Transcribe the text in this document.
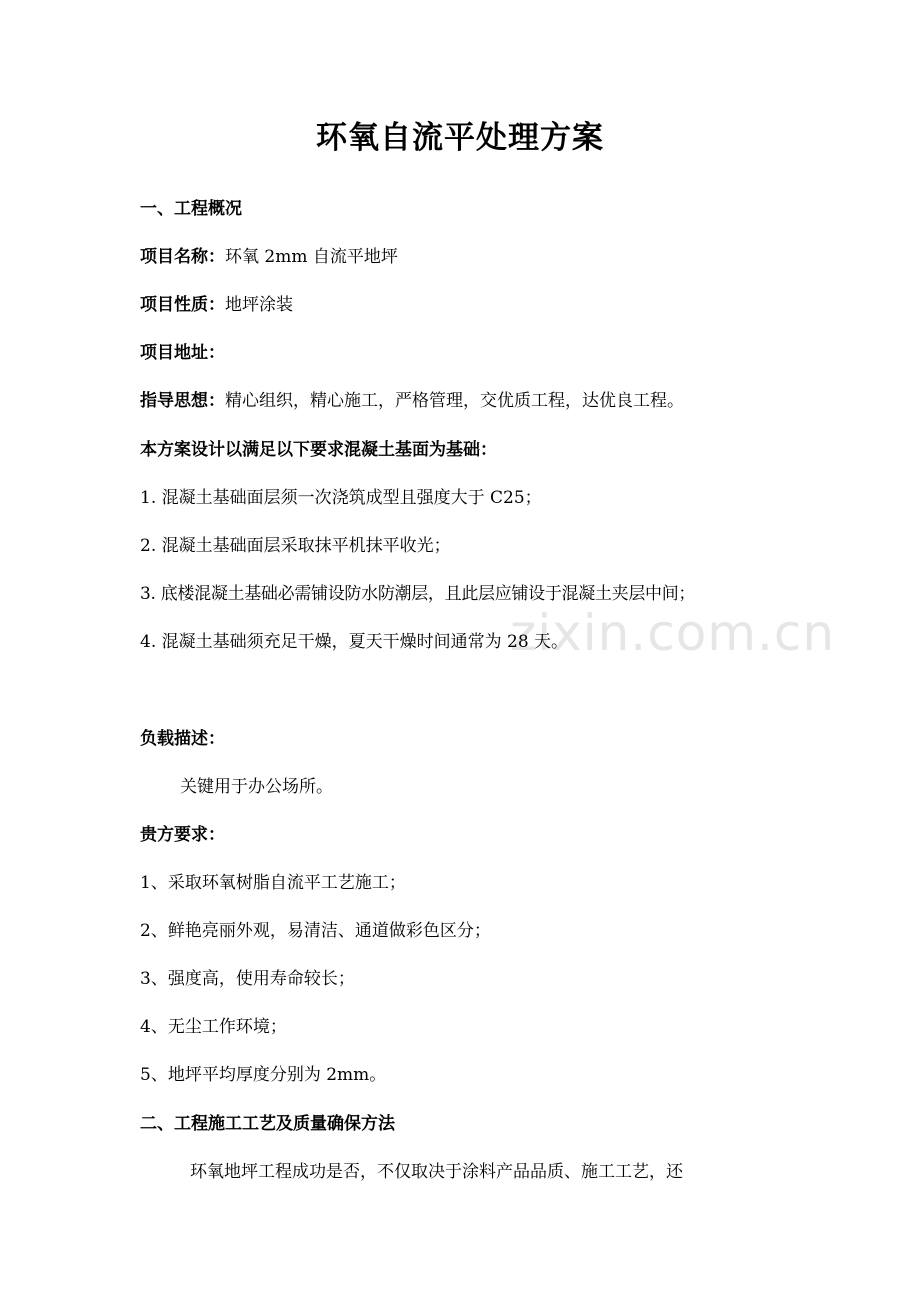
zixin.com.cn
环氧自流平处理方案
一、工程概况
项目名称：环氧 2mm 自流平地坪
项目性质：地坪涂装
项目地址：
指导思想：精心组织，精心施工，严格管理，交优质工程，达优良工程。
本方案设计以满足以下要求混凝土基面为基础：
1. 混凝土基础面层须一次浇筑成型且强度大于 C25；
2. 混凝土基础面层采取抹平机抹平收光；
3. 底楼混凝土基础必需铺设防水防潮层，且此层应铺设于混凝土夹层中间；
4. 混凝土基础须充足干燥，夏天干燥时间通常为 28 天。
负载描述：
关键用于办公场所。
贵方要求：
1、采取环氧树脂自流平工艺施工；
2、鲜艳亮丽外观，易清洁、通道做彩色区分；
3、强度高，使用寿命较长；
4、无尘工作环境；
5、地坪平均厚度分别为 2mm。
二、工程施工工艺及质量确保方法
环氧地坪工程成功是否，不仅取决于涂料产品品质、施工工艺，还
